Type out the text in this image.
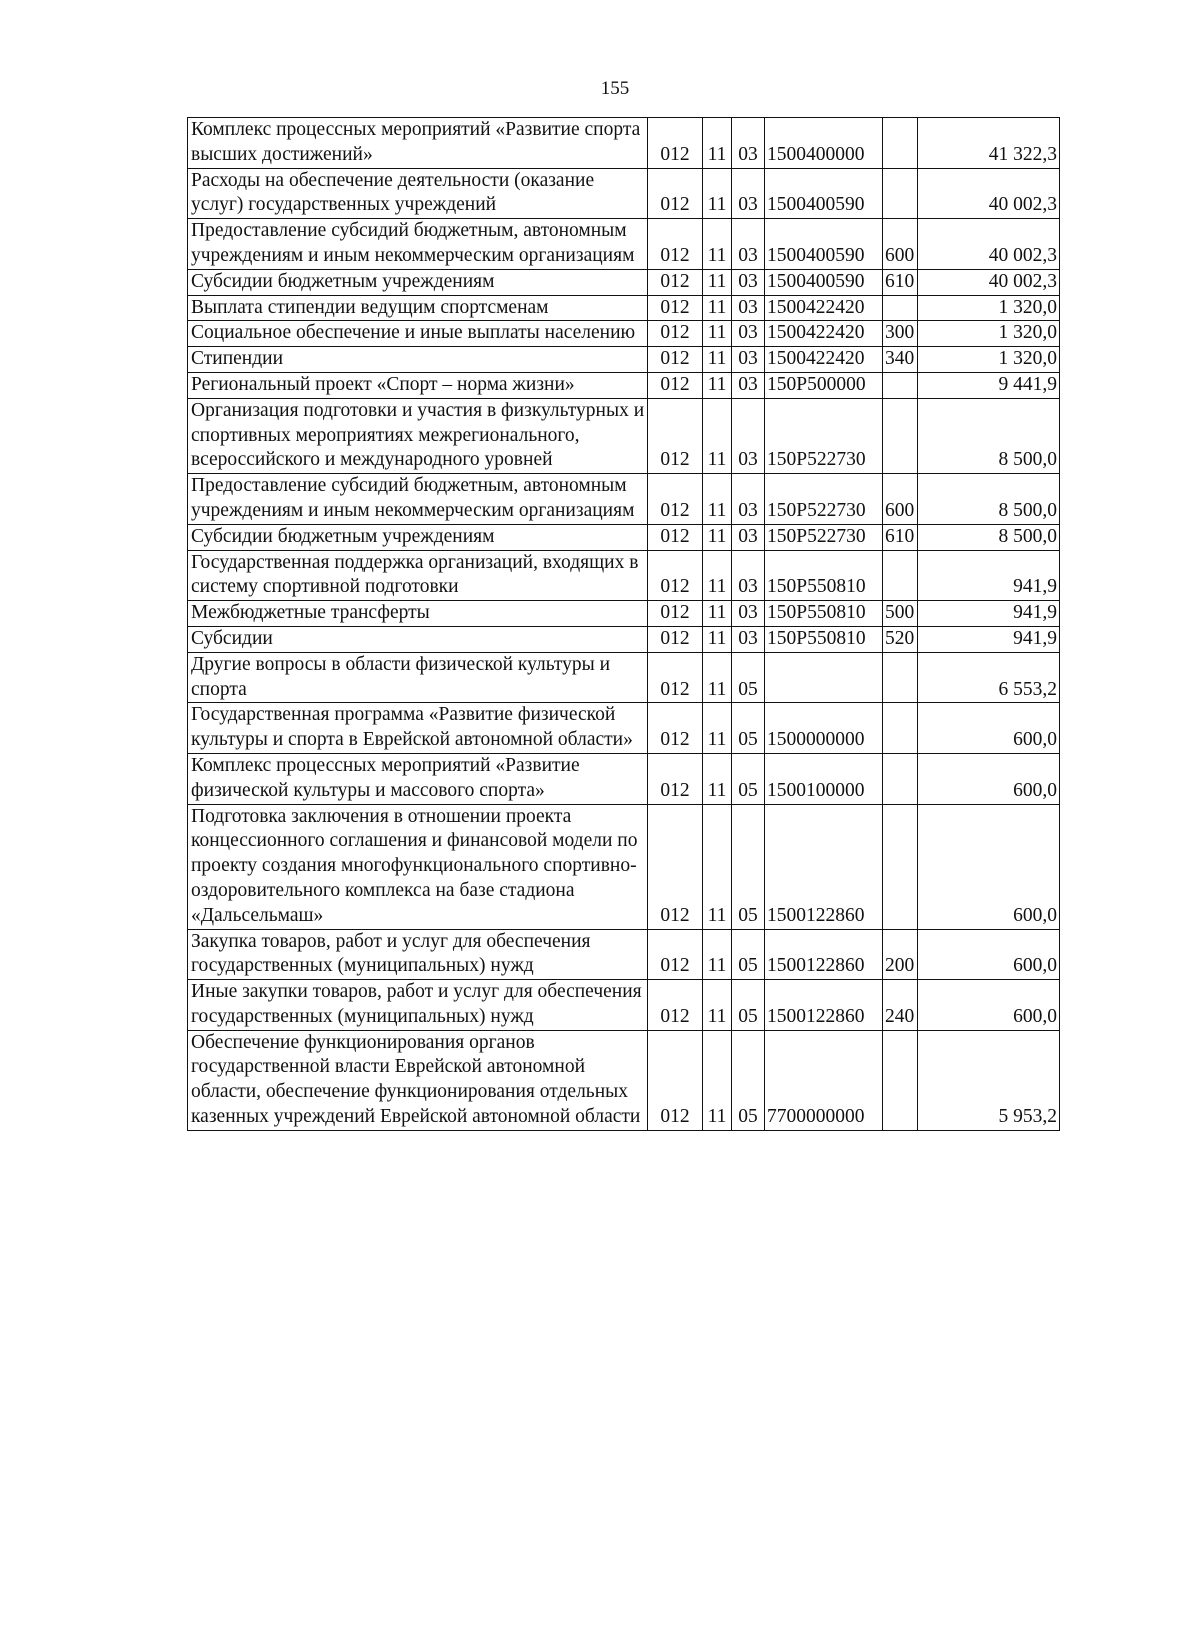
155
Комплекс процессных мероприятий «Развитие спорта высших достижений»	012	11	03	1500400000		41 322,3
Расходы на обеспечение деятельности (оказание услуг) государственных учреждений	012	11	03	1500400590		40 002,3
Предоставление субсидий бюджетным, автономным учреждениям и иным некоммерческим организациям	012	11	03	1500400590	600	40 002,3
Субсидии бюджетным учреждениям	012	11	03	1500400590	610	40 002,3
Выплата стипендии ведущим спортсменам	012	11	03	1500422420		1 320,0
Социальное обеспечение и иные выплаты населению	012	11	03	1500422420	300	1 320,0
Стипендии	012	11	03	1500422420	340	1 320,0
Региональный проект «Спорт – норма жизни»	012	11	03	150P500000		9 441,9
Организация подготовки и участия в физкультурных и спортивных мероприятиях межрегионального, всероссийского и международного уровней	012	11	03	150P522730		8 500,0
Предоставление субсидий бюджетным, автономным учреждениям и иным некоммерческим организациям	012	11	03	150P522730	600	8 500,0
Субсидии бюджетным учреждениям	012	11	03	150P522730	610	8 500,0
Государственная поддержка организаций, входящих в систему спортивной подготовки	012	11	03	150P550810		941,9
Межбюджетные трансферты	012	11	03	150P550810	500	941,9
Субсидии	012	11	03	150P550810	520	941,9
Другие вопросы в области физической культуры и спорта	012	11	05			6 553,2
Государственная программа «Развитие физической культуры и спорта в Еврейской автономной области»	012	11	05	1500000000		600,0
Комплекс процессных мероприятий «Развитие физической культуры и массового спорта»	012	11	05	1500100000		600,0
Подготовка заключения в отношении проекта концессионного соглашения и финансовой модели по проекту создания многофункционального спортивно-оздоровительного комплекса на базе стадиона «Дальсельмаш»	012	11	05	1500122860		600,0
Закупка товаров, работ и услуг для обеспечения государственных (муниципальных) нужд	012	11	05	1500122860	200	600,0
Иные закупки товаров, работ и услуг для обеспечения государственных (муниципальных) нужд	012	11	05	1500122860	240	600,0
Обеспечение функционирования органов государственной власти Еврейской автономной области, обеспечение функционирования отдельных казенных учреждений Еврейской автономной области	012	11	05	7700000000		5 953,2
